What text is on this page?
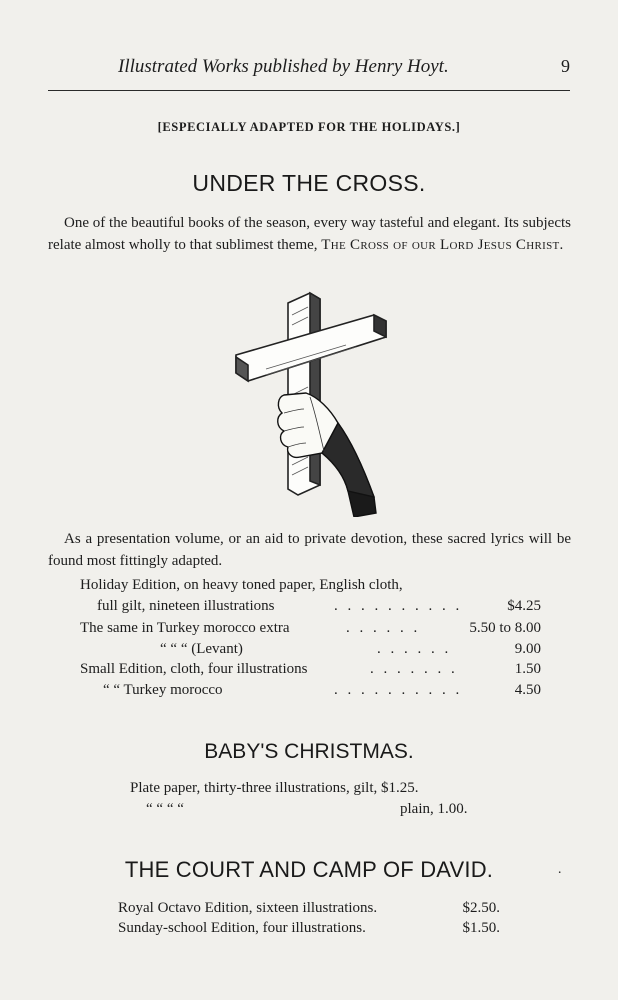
Illustrated Works published by Henry Hoyt.	9
[ESPECIALLY ADAPTED FOR THE HOLIDAYS.]
UNDER THE CROSS.
One of the beautiful books of the season, every way tasteful and elegant. Its subjects relate almost wholly to that sublimest theme, The Cross of our Lord Jesus Christ.
As a presentation volume, or an aid to private devotion, these sacred lyrics will be found most fittingly adapted.
Holiday Edition, on heavy toned paper, English cloth,
full gilt, nineteen illustrations	. . . . . . . . . .	$4.25
The same in Turkey morocco extra	. . . . . .	5.50 to 8.00
“ “ “ (Levant)	. . . . . .	9.00
Small Edition, cloth, four illustrations	. . . . . . .	1.50
“ “ Turkey morocco	. . . . . . . . . .	4.50
BABY'S CHRISTMAS.
Plate paper, thirty-three illustrations, gilt, $1.25.
“ “ “ “	plain, 1.00.
THE COURT AND CAMP OF DAVID.	·
Royal Octavo Edition, sixteen illustrations.	$2.50.
Sunday-school Edition, four illustrations.	$1.50.
